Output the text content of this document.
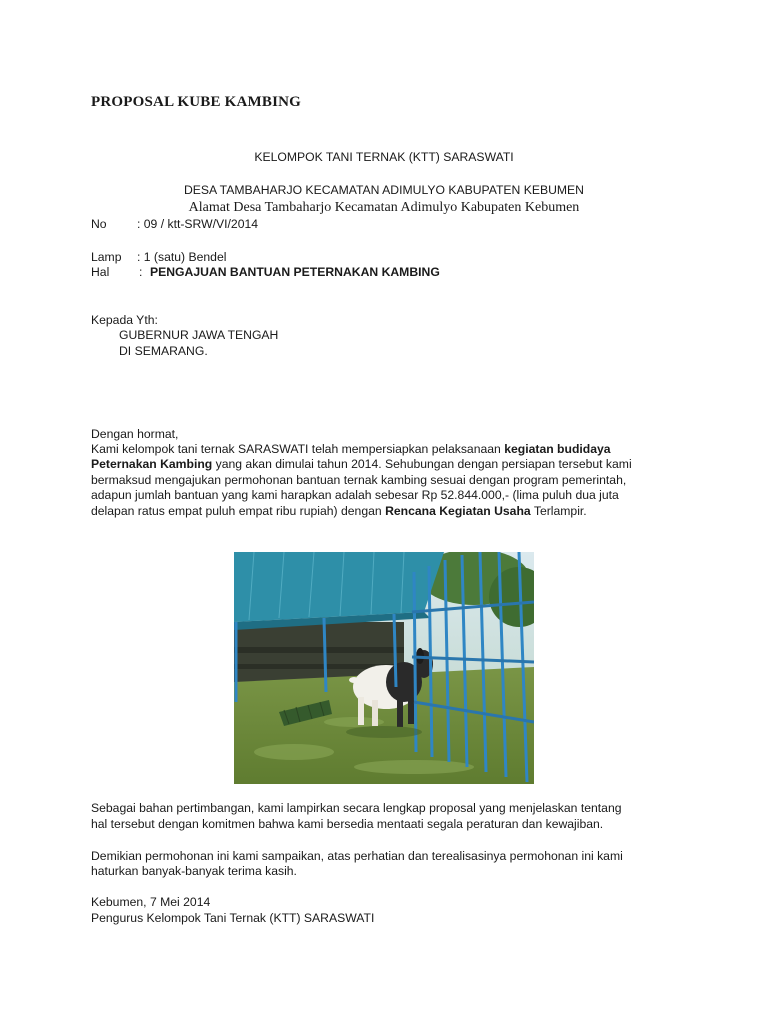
PROPOSAL KUBE KAMBING
KELOMPOK TANI TERNAK (KTT) SARASWATI
DESA TAMBAHARJO KECAMATAN ADIMULYO KABUPATEN KEBUMEN
Alamat Desa Tambaharjo Kecamatan Adimulyo Kabupaten Kebumen
No : 09 / ktt-SRW/VI/2014
Lamp : 1 (satu) Bendel
Hal : PENGAJUAN BANTUAN PETERNAKAN KAMBING
Kepada Yth:
GUBERNUR JAWA TENGAH
DI SEMARANG.
Dengan hormat,
Kami kelompok tani ternak SARASWATI telah mempersiapkan pelaksanaan kegiatan budidaya
Peternakan Kambing yang akan dimulai tahun 2014. Sehubungan dengan persiapan tersebut kami
bermaksud mengajukan permohonan bantuan ternak kambing sesuai dengan program pemerintah,
adapun jumlah bantuan yang kami harapkan adalah sebesar Rp 52.844.000,- (lima puluh dua juta
delapan ratus empat puluh empat ribu rupiah) dengan Rencana Kegiatan Usaha Terlampir.
Sebagai bahan pertimbangan, kami lampirkan secara lengkap proposal yang menjelaskan tentang
hal tersebut dengan komitmen bahwa kami bersedia mentaati segala peraturan dan kewajiban.
Demikian permohonan ini kami sampaikan, atas perhatian dan terealisasinya permohonan ini kami
haturkan banyak-banyak terima kasih.
Kebumen, 7 Mei 2014
Pengurus Kelompok Tani Ternak (KTT) SARASWATI
